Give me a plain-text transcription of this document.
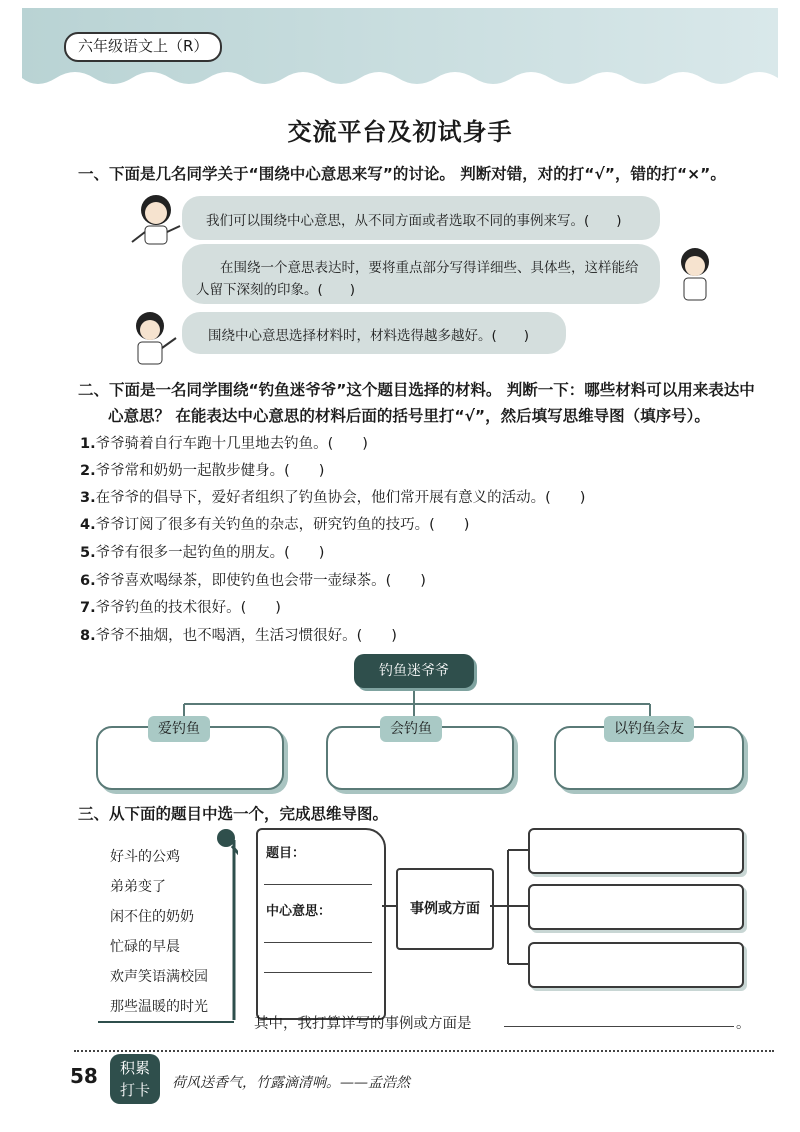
六年级语文上（R）
交流平台及初试身手
一、下面是几名同学关于“围绕中心意思来写”的讨论。 判断对错，对的打“√”，错的打“×”。
我们可以围绕中心意思，从不同方面或者选取不同的事例来写。(　　)
在围绕一个意思表达时，要将重点部分写得详细些、具体些，这样能给
人留下深刻的印象。(　　)
围绕中心意思选择材料时，材料选得越多越好。(　　)
二、下面是一名同学围绕“钓鱼迷爷爷”这个题目选择的材料。 判断一下：哪些材料可以用来表达中
心意思？ 在能表达中心意思的材料后面的括号里打“√”，然后填写思维导图（填序号）。
1.爷爷骑着自行车跑十几里地去钓鱼。(　　)
2.爷爷常和奶奶一起散步健身。(　　)
3.在爷爷的倡导下，爱好者组织了钓鱼协会，他们常开展有意义的活动。(　　)
4.爷爷订阅了很多有关钓鱼的杂志，研究钓鱼的技巧。(　　)
5.爷爷有很多一起钓鱼的朋友。(　　)
6.爷爷喜欢喝绿茶，即使钓鱼也会带一壶绿茶。(　　)
7.爷爷钓鱼的技术很好。(　　)
8.爷爷不抽烟，也不喝酒，生活习惯很好。(　　)
钓鱼迷爷爷
爱钓鱼	会钓鱼	以钓鱼会友
三、从下面的题目中选一个，完成思维导图。
好斗的公鸡
弟弟变了
闲不住的奶奶
忙碌的早晨
欢声笑语满校园
那些温暖的时光
题目：
中心意思：	事例或方面
其中，我打算详写的事例或方面是	。
58	积累
打卡	荷风送香气，竹露滴清响。——孟浩然
